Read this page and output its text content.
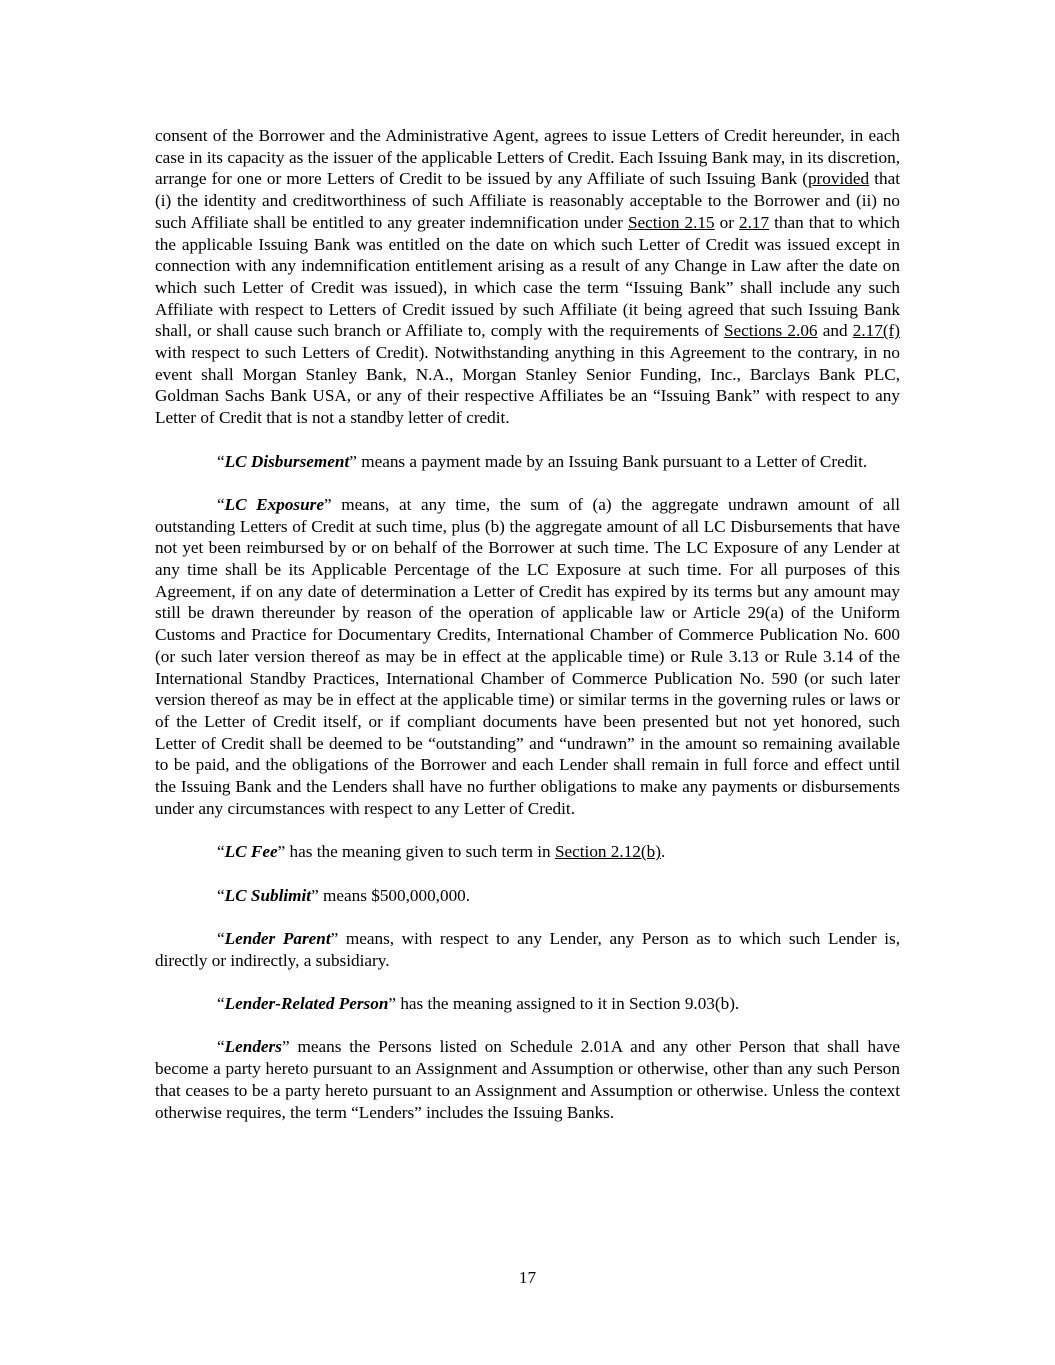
consent of the Borrower and the Administrative Agent, agrees to issue Letters of Credit hereunder, in each case in its capacity as the issuer of the applicable Letters of Credit. Each Issuing Bank may, in its discretion, arrange for one or more Letters of Credit to be issued by any Affiliate of such Issuing Bank (provided that (i) the identity and creditworthiness of such Affiliate is reasonably acceptable to the Borrower and (ii) no such Affiliate shall be entitled to any greater indemnification under Section 2.15 or 2.17 than that to which the applicable Issuing Bank was entitled on the date on which such Letter of Credit was issued except in connection with any indemnification entitlement arising as a result of any Change in Law after the date on which such Letter of Credit was issued), in which case the term “Issuing Bank” shall include any such Affiliate with respect to Letters of Credit issued by such Affiliate (it being agreed that such Issuing Bank shall, or shall cause such branch or Affiliate to, comply with the requirements of Sections 2.06 and 2.17(f) with respect to such Letters of Credit). Notwithstanding anything in this Agreement to the contrary, in no event shall Morgan Stanley Bank, N.A., Morgan Stanley Senior Funding, Inc., Barclays Bank PLC, Goldman Sachs Bank USA, or any of their respective Affiliates be an “Issuing Bank” with respect to any Letter of Credit that is not a standby letter of credit.

“LC Disbursement” means a payment made by an Issuing Bank pursuant to a Letter of Credit.

“LC Exposure” means, at any time, the sum of (a) the aggregate undrawn amount of all outstanding Letters of Credit at such time, plus (b) the aggregate amount of all LC Disbursements that have not yet been reimbursed by or on behalf of the Borrower at such time. The LC Exposure of any Lender at any time shall be its Applicable Percentage of the LC Exposure at such time. For all purposes of this Agreement, if on any date of determination a Letter of Credit has expired by its terms but any amount may still be drawn thereunder by reason of the operation of applicable law or Article 29(a) of the Uniform Customs and Practice for Documentary Credits, International Chamber of Commerce Publication No. 600 (or such later version thereof as may be in effect at the applicable time) or Rule 3.13 or Rule 3.14 of the International Standby Practices, International Chamber of Commerce Publication No. 590 (or such later version thereof as may be in effect at the applicable time) or similar terms in the governing rules or laws or of the Letter of Credit itself, or if compliant documents have been presented but not yet honored, such Letter of Credit shall be deemed to be “outstanding” and “undrawn” in the amount so remaining available to be paid, and the obligations of the Borrower and each Lender shall remain in full force and effect until the Issuing Bank and the Lenders shall have no further obligations to make any payments or disbursements under any circumstances with respect to any Letter of Credit.

“LC Fee” has the meaning given to such term in Section 2.12(b).

“LC Sublimit” means $500,000,000.

“Lender Parent” means, with respect to any Lender, any Person as to which such Lender is, directly or indirectly, a subsidiary.

“Lender-Related Person” has the meaning assigned to it in Section 9.03(b).

“Lenders” means the Persons listed on Schedule 2.01A and any other Person that shall have become a party hereto pursuant to an Assignment and Assumption or otherwise, other than any such Person that ceases to be a party hereto pursuant to an Assignment and Assumption or otherwise. Unless the context otherwise requires, the term “Lenders” includes the Issuing Banks.

17
